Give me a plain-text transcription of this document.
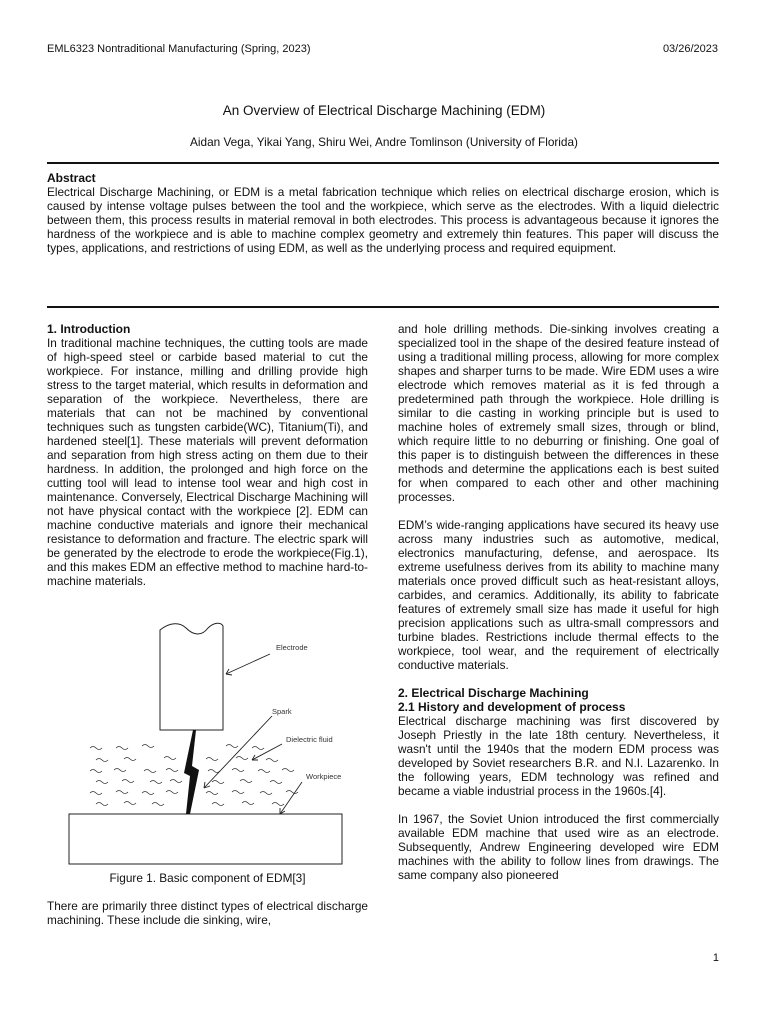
EML6323 Nontraditional Manufacturing (Spring, 2023)	03/26/2023
An Overview of Electrical Discharge Machining (EDM)
Aidan Vega, Yikai Yang, Shiru Wei, Andre Tomlinson (University of Florida)
Abstract

Electrical Discharge Machining, or EDM is a metal fabrication technique which relies on electrical discharge erosion, which is caused by intense voltage pulses between the tool and the workpiece, which serve as the electrodes. With a liquid dielectric between them, this process results in material removal in both electrodes. This process is advantageous because it ignores the hardness of the workpiece and is able to machine complex geometry and extremely thin features. This paper will discuss the types, applications, and restrictions of using EDM, as well as the underlying process and required equipment.

1. Introduction

In traditional machine techniques, the cutting tools are made of high-speed steel or carbide based material to cut the workpiece. For instance, milling and drilling provide high stress to the target material, which results in deformation and separation of the workpiece. Nevertheless, there are materials that can not be machined by conventional techniques such as tungsten carbide(WC), Titanium(Ti), and hardened steel[1]. These materials will prevent deformation and separation from high stress acting on them due to their hardness. In addition, the prolonged and high force on the cutting tool will lead to intense tool wear and high cost in maintenance. Conversely, Electrical Discharge Machining will not have physical contact with the workpiece [2]. EDM can machine conductive materials and ignore their mechanical resistance to deformation and fracture. The electric spark will be generated by the electrode to erode the workpiece(Fig.1), and this makes EDM an effective method to machine hard-to-machine materials.

Electrode
Spark
Dielectric fluid
Workpiece
Figure 1. Basic component of EDM[3]

There are primarily three distinct types of electrical discharge machining. These include die sinking, wire,

and hole drilling methods. Die-sinking involves creating a specialized tool in the shape of the desired feature instead of using a traditional milling process, allowing for more complex shapes and sharper turns to be made. Wire EDM uses a wire electrode which removes material as it is fed through a predetermined path through the workpiece. Hole drilling is similar to die casting in working principle but is used to machine holes of extremely small sizes, through or blind, which require little to no deburring or finishing. One goal of this paper is to distinguish between the differences in these methods and determine the applications each is best suited for when compared to each other and other machining processes.

EDM’s wide-ranging applications have secured its heavy use across many industries such as automotive, medical, electronics manufacturing, defense, and aerospace. Its extreme usefulness derives from its ability to machine many materials once proved difficult such as heat-resistant alloys, carbides, and ceramics. Additionally, its ability to fabricate features of extremely small size has made it useful for high precision applications such as ultra-small compressors and turbine blades. Restrictions include thermal effects to the workpiece, tool wear, and the requirement of electrically conductive materials.

2. Electrical Discharge Machining
2.1 History and development of process

Electrical discharge machining was first discovered by Joseph Priestly in the late 18th century. Nevertheless, it wasn't until the 1940s that the modern EDM process was developed by Soviet researchers B.R. and N.I. Lazarenko. In the following years, EDM technology was refined and became a viable industrial process in the 1960s.[4].

In 1967, the Soviet Union introduced the first commercially available EDM machine that used wire as an electrode. Subsequently, Andrew Engineering developed wire EDM machines with the ability to follow lines from drawings. The same company also pioneered

1
